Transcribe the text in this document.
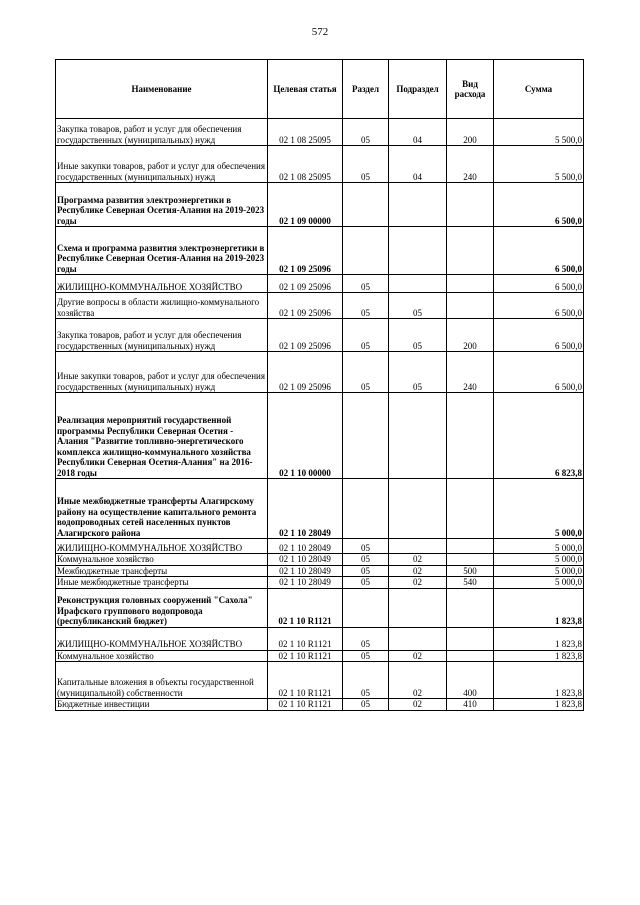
572
Наименование	Целевая статья	Раздел	Подраздел	Вид расхода	Сумма
Закупка товаров, работ и услуг для обеспечения государственных (муниципальных) нужд	02 1 08 25095	05	04	200	5 500,0
Иные закупки товаров, работ и услуг для обеспечения государственных (муниципальных) нужд	02 1 08 25095	05	04	240	5 500,0
Программа развития электроэнергетики в Республике Северная Осетия-Алания на 2019-2023 годы	02 1 09 00000				6 500,0
Схема и программа развития электроэнергетики в Республике Северная Осетия-Алания на 2019-2023 годы	02 1 09 25096				6 500,0
ЖИЛИЩНО-КОММУНАЛЬНОЕ ХОЗЯЙСТВО	02 1 09 25096	05			6 500,0
Другие вопросы в области жилищно-коммунального хозяйства	02 1 09 25096	05	05		6 500,0
Закупка товаров, работ и услуг для обеспечения государственных (муниципальных) нужд	02 1 09 25096	05	05	200	6 500,0
Иные закупки товаров, работ и услуг для обеспечения государственных (муниципальных) нужд	02 1 09 25096	05	05	240	6 500,0
Реализация мероприятий государственной программы Республики Северная Осетия - Алания "Развитие топливно-энергетического комплекса жилищно-коммунального хозяйства Республики Северная Осетия-Алания" на 2016-2018 годы	02 1 10 00000				6 823,8
Иные межбюджетные трансферты Алагирскому району на осуществление капитального ремонта водопроводных сетей населенных пунктов Алагирского района	02 1 10 28049				5 000,0
ЖИЛИЩНО-КОММУНАЛЬНОЕ ХОЗЯЙСТВО	02 1 10 28049	05			5 000,0
Коммунальное хозяйство	02 1 10 28049	05	02		5 000,0
Межбюджетные трансферты	02 1 10 28049	05	02	500	5 000,0
Иные межбюджетные трансферты	02 1 10 28049	05	02	540	5 000,0
Реконструкция головных сооружений "Сахола" Ирафского группового водопровода (республиканский бюджет)	02 1 10 R1121				1 823,8
ЖИЛИЩНО-КОММУНАЛЬНОЕ ХОЗЯЙСТВО	02 1 10 R1121	05			1 823,8
Коммунальное хозяйство	02 1 10 R1121	05	02		1 823,8
Капитальные вложения в объекты государственной (муниципальной) собственности	02 1 10 R1121	05	02	400	1 823,8
Бюджетные инвестиции	02 1 10 R1121	05	02	410	1 823,8
